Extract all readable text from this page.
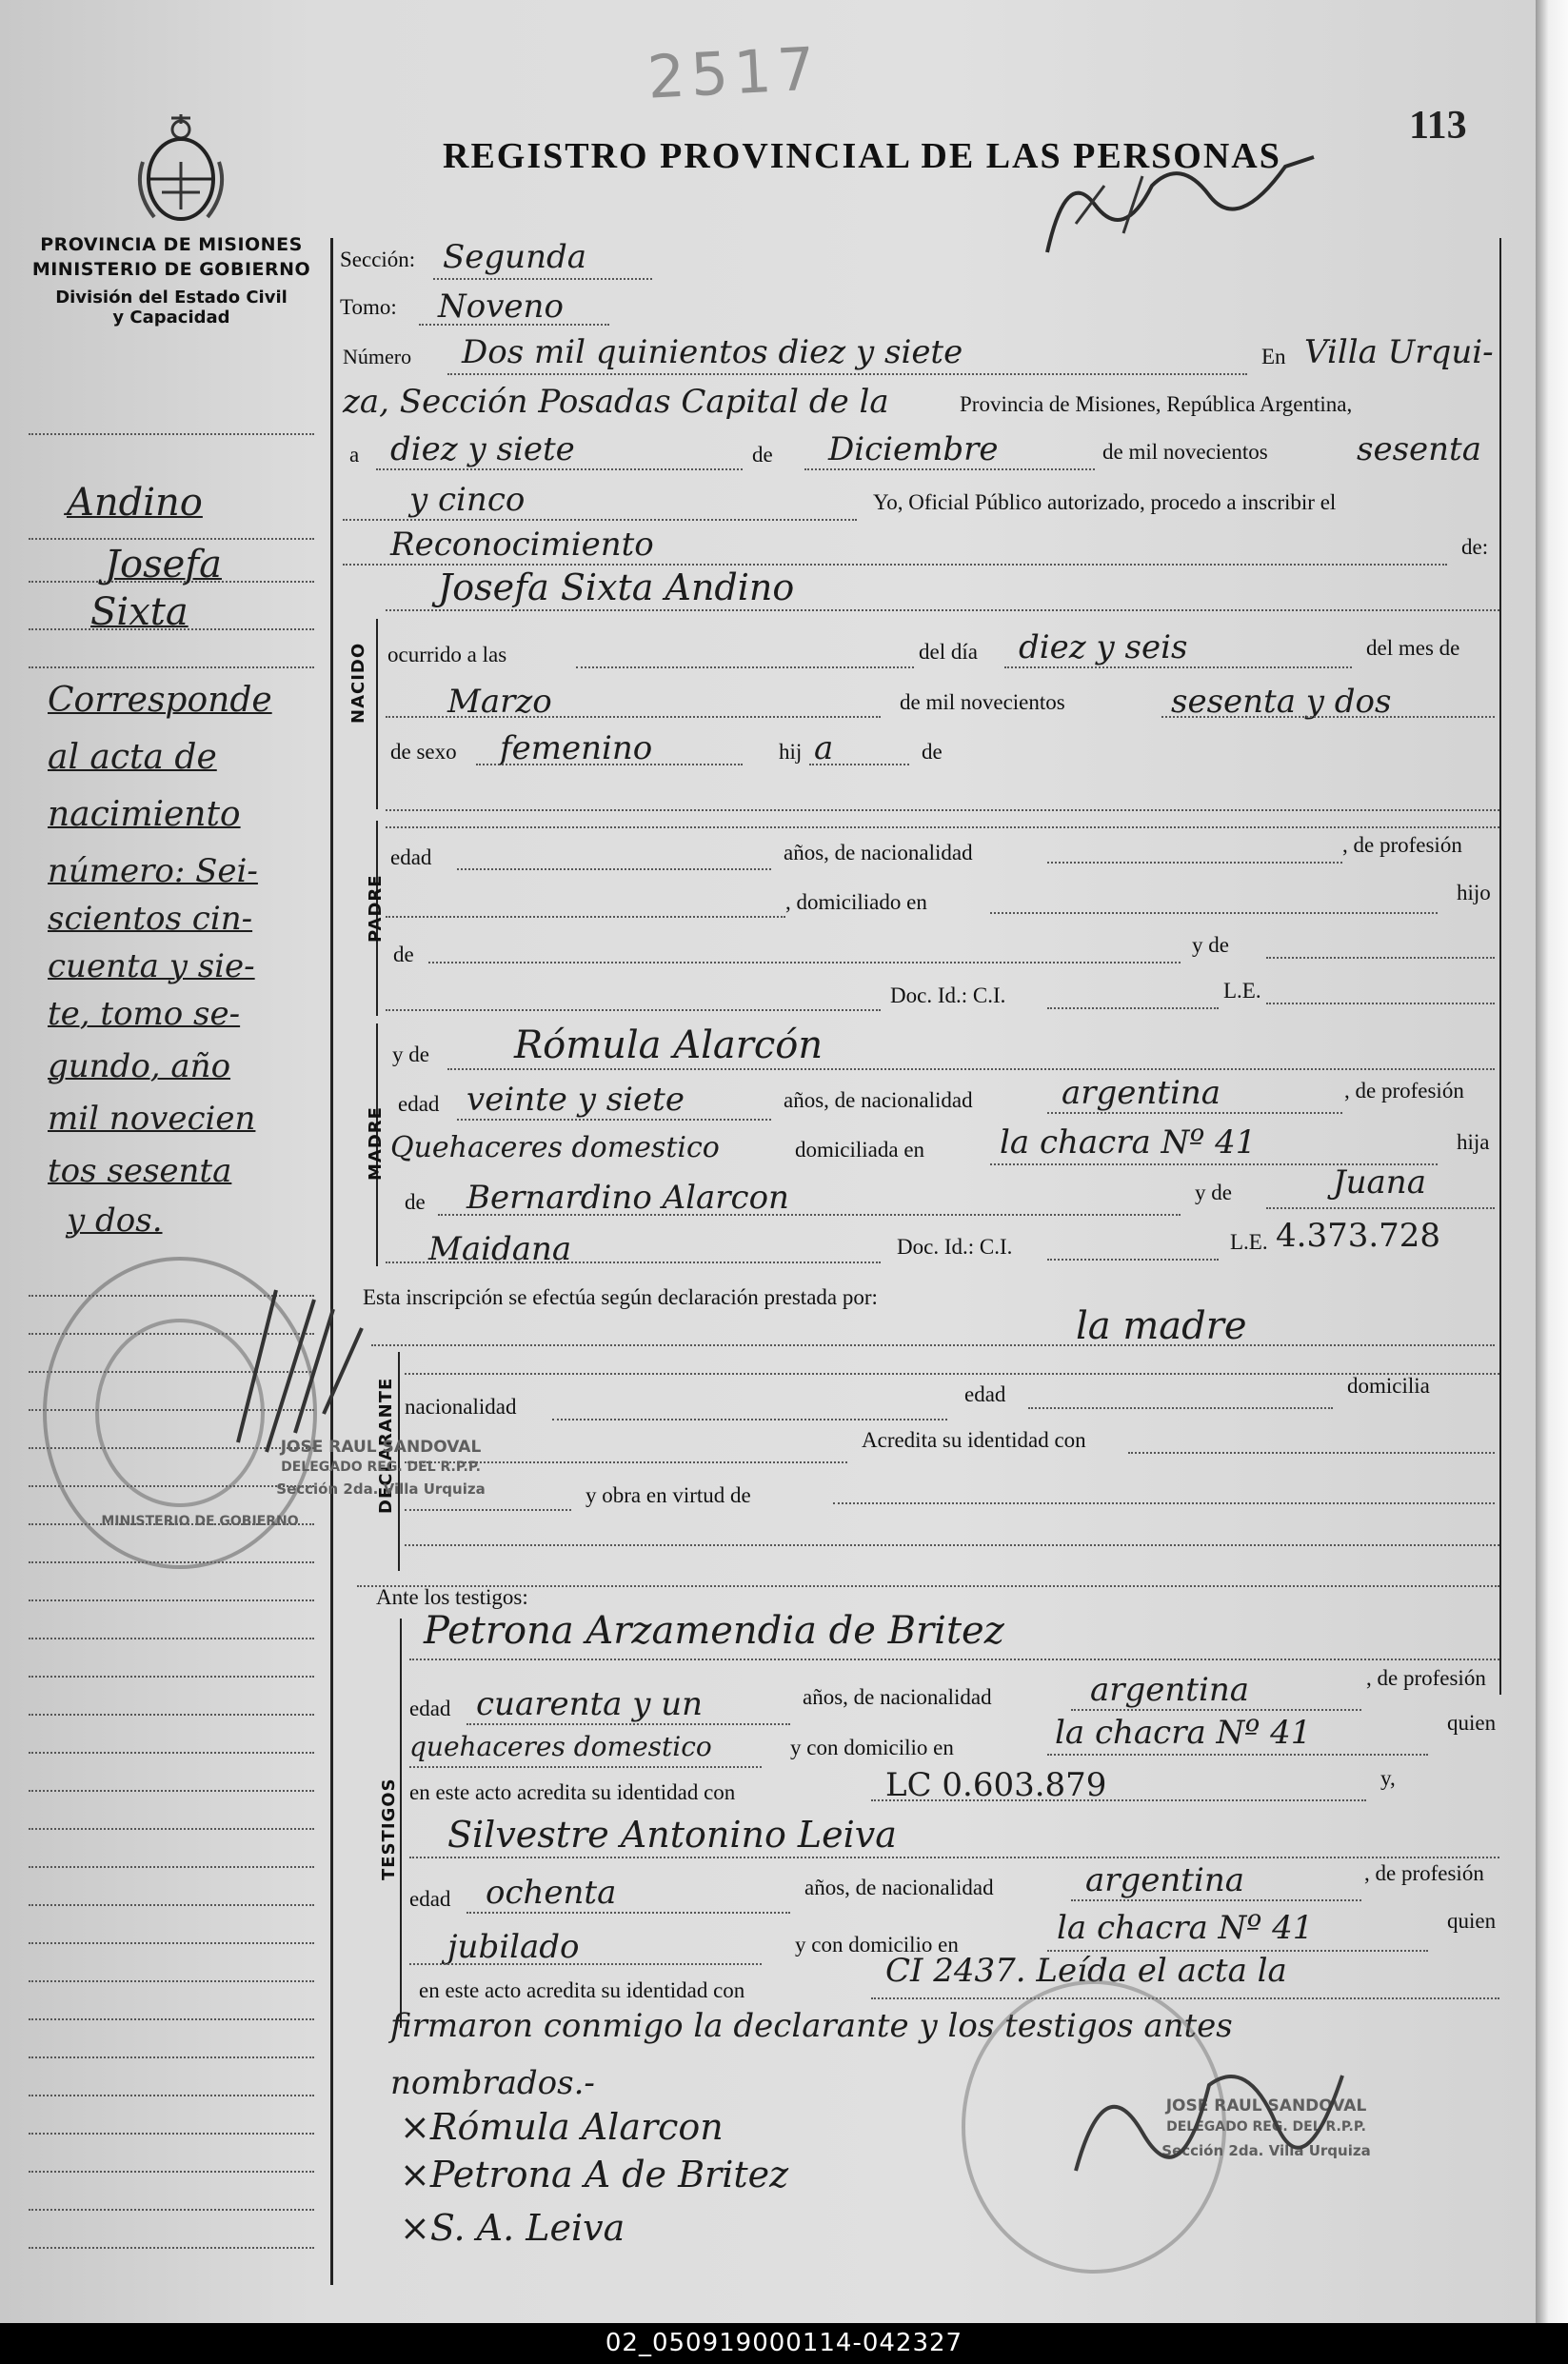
2517
113
REGISTRO PROVINCIAL DE LAS PERSONAS
PROVINCIA DE MISIONES
MINISTERIO DE GOBIERNO
División del Estado Civil
y Capacidad
Andino
Josefa
Sixta
Corresponde
al acta de
nacimiento
número: Sei-
scientos cin-
cuenta y sie-
te, tomo se-
gundo, año
mil novecien
tos sesenta
y dos.
Sección: Segunda
Tomo: Noveno
Número Dos mil quinientos diez y siete	En Villa Urqui-
za, Sección Posadas Capital de la	Provincia de Misiones, República Argentina,
a diez y siete	de Diciembre	de mil novecientos	sesenta
y cinco	Yo, Oficial Público autorizado, procedo a inscribir el
Reconocimiento	de:
Josefa Sixta Andino
NACIDO ocurrido a las	del día diez y seis	del mes de
Marzo	de mil novecientos	sesenta y dos
de sexo femenino	hij a	de
PADRE
edad	años, de nacionalidad	, de profesión
, domiciliado en	hijo
de	y de
Doc. Id.: C.I.	L.E.
MADRE
y de Rómula Alarcón
edad veinte y siete	años, de nacionalidad	argentina	, de profesión
Quehaceres domestico	domiciliada en la chacra Nº 41	hija
de Bernardino Alarcon	y de	Juana
Maidana	Doc. Id.: C.I.	L.E. 4.373.728
Esta inscripción se efectúa según declaración prestada por:
la madre
DECLARANTE nacionalidad
edad	domicilia
Acredita su identidad con
y obra en virtud de
Ante los testigos:
TESTIGOS
Petrona Arzamendia de Britez
edad cuarenta y un	años, de nacionalidad	argentina	, de profesión
quehaceres domestico	y con domicilio en	la chacra Nº 41	quien
en este acto acredita su identidad con	LC 0.603.879	y,
Silvestre Antonino Leiva
edad ochenta	años, de nacionalidad	argentina	, de profesión
jubilado	y con domicilio en	la chacra Nº 41	quien
en este acto acredita su identidad con
CI 2437. Leída el acta la
firmaron conmigo la declarante y los testigos antes
nombrados.-
×Rómula Alarcon
×Petrona A de Britez
×S. A. Leiva
MINISTERIO DE GOBIERNO
JOSE RAUL SANDOVAL
DELEGADO REG. DEL R.P.P.
Sección 2da. Villa Urquiza
JOSE RAUL SANDOVAL
DELEGADO REG. DEL R.P.P.
Sección 2da. Villa Urquiza
02_050919000114-042327
